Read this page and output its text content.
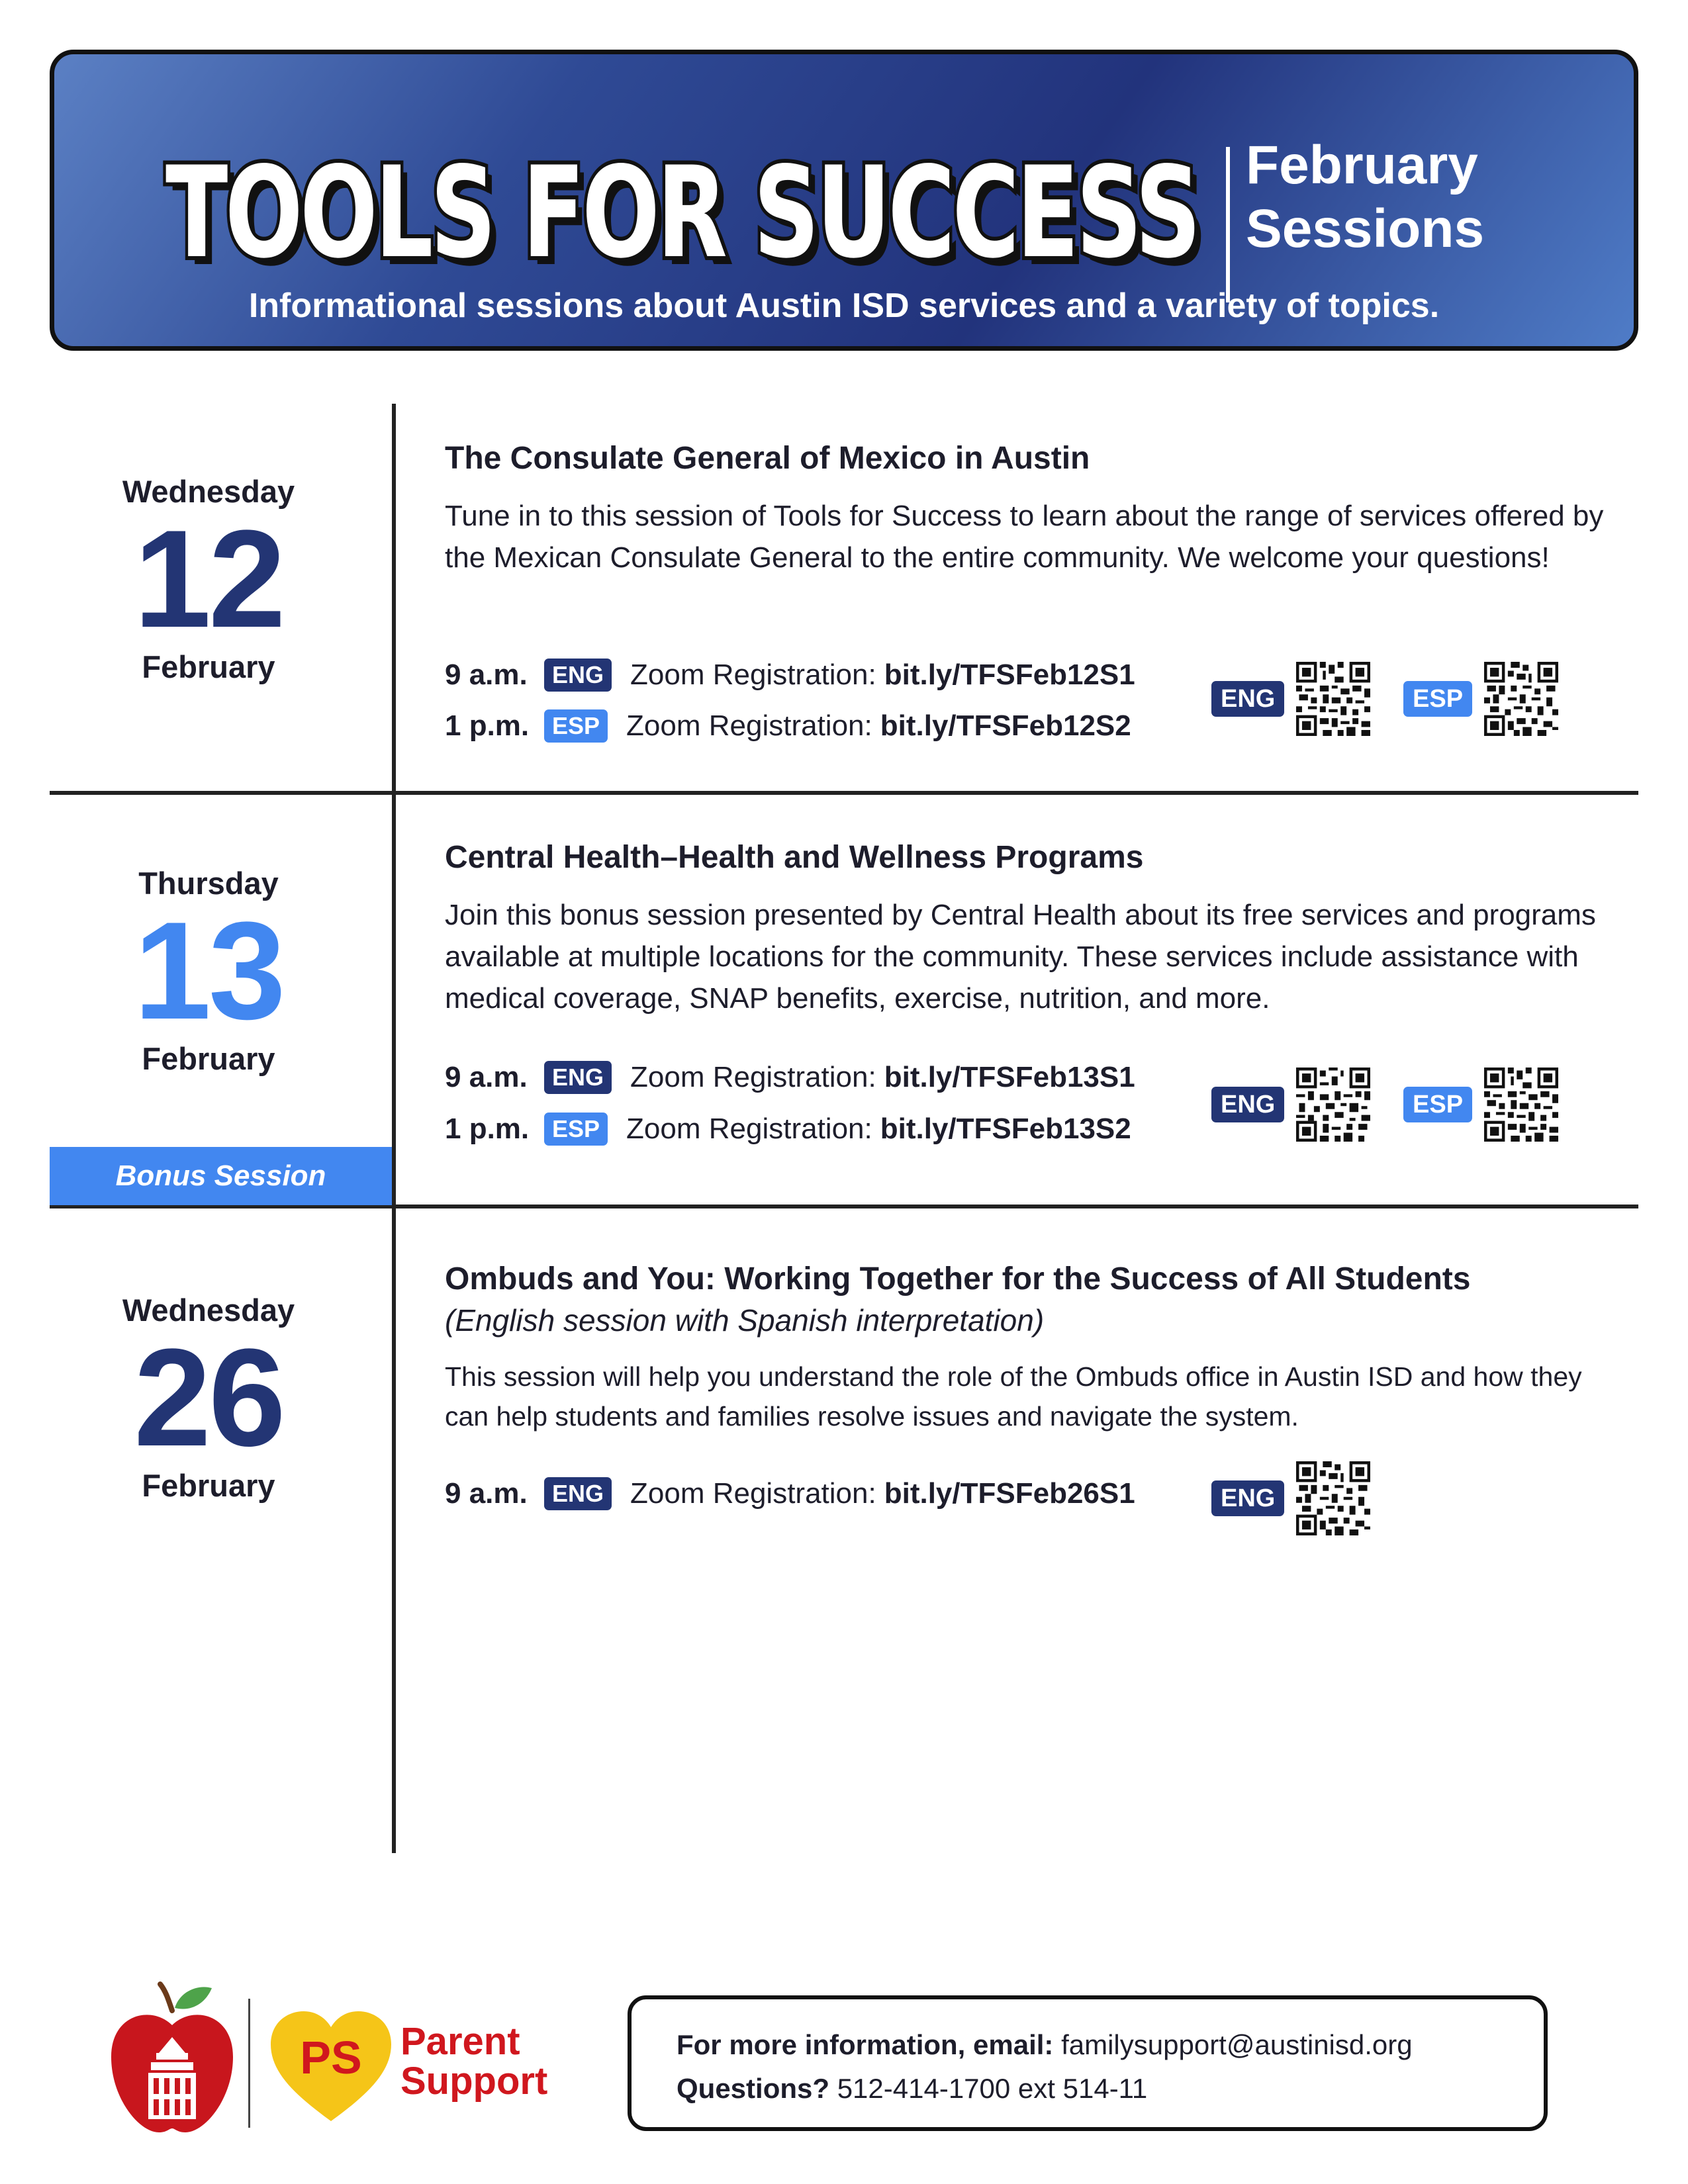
TOOLS FOR SUCCESS
TOOLS FOR SUCCESS February
Sessions
Informational sessions about Austin ISD services and a variety of topics.
Wednesday
12
February
The Consulate General of Mexico in Austin
Tune in to this session of Tools for Success to learn about the range of services offered by the Mexican Consulate General to the entire community. We welcome your questions!
9 a.m.	ENG Zoom Registration: bit.ly/TFSFeb12S1
1 p.m. ESP Zoom Registration: bit.ly/TFSFeb12S2
ENG	ESP
Thursday
13
February
Bonus Session
Central Health–Health and Wellness Programs
Join this bonus session presented by Central Health about its free services and programs available at multiple locations for the community. These services include assistance with medical coverage, SNAP benefits, exercise, nutrition, and more.
9 a.m.	ENG Zoom Registration: bit.ly/TFSFeb13S1
1 p.m. ESP Zoom Registration: bit.ly/TFSFeb13S2
ENG	ESP
Wednesday
26
February
Ombuds and You: Working Together for the Success of All Students
(English session with Spanish interpretation)
This session will help you understand the role of the Ombuds office in Austin ISD and how they can help students and families resolve issues and navigate the system.
9 a.m.	ENG Zoom Registration: bit.ly/TFSFeb26S1	ENG
PS Parent
Support
For more information, email: familysupport@austinisd.org
Questions? 512-414-1700 ext 514-11
